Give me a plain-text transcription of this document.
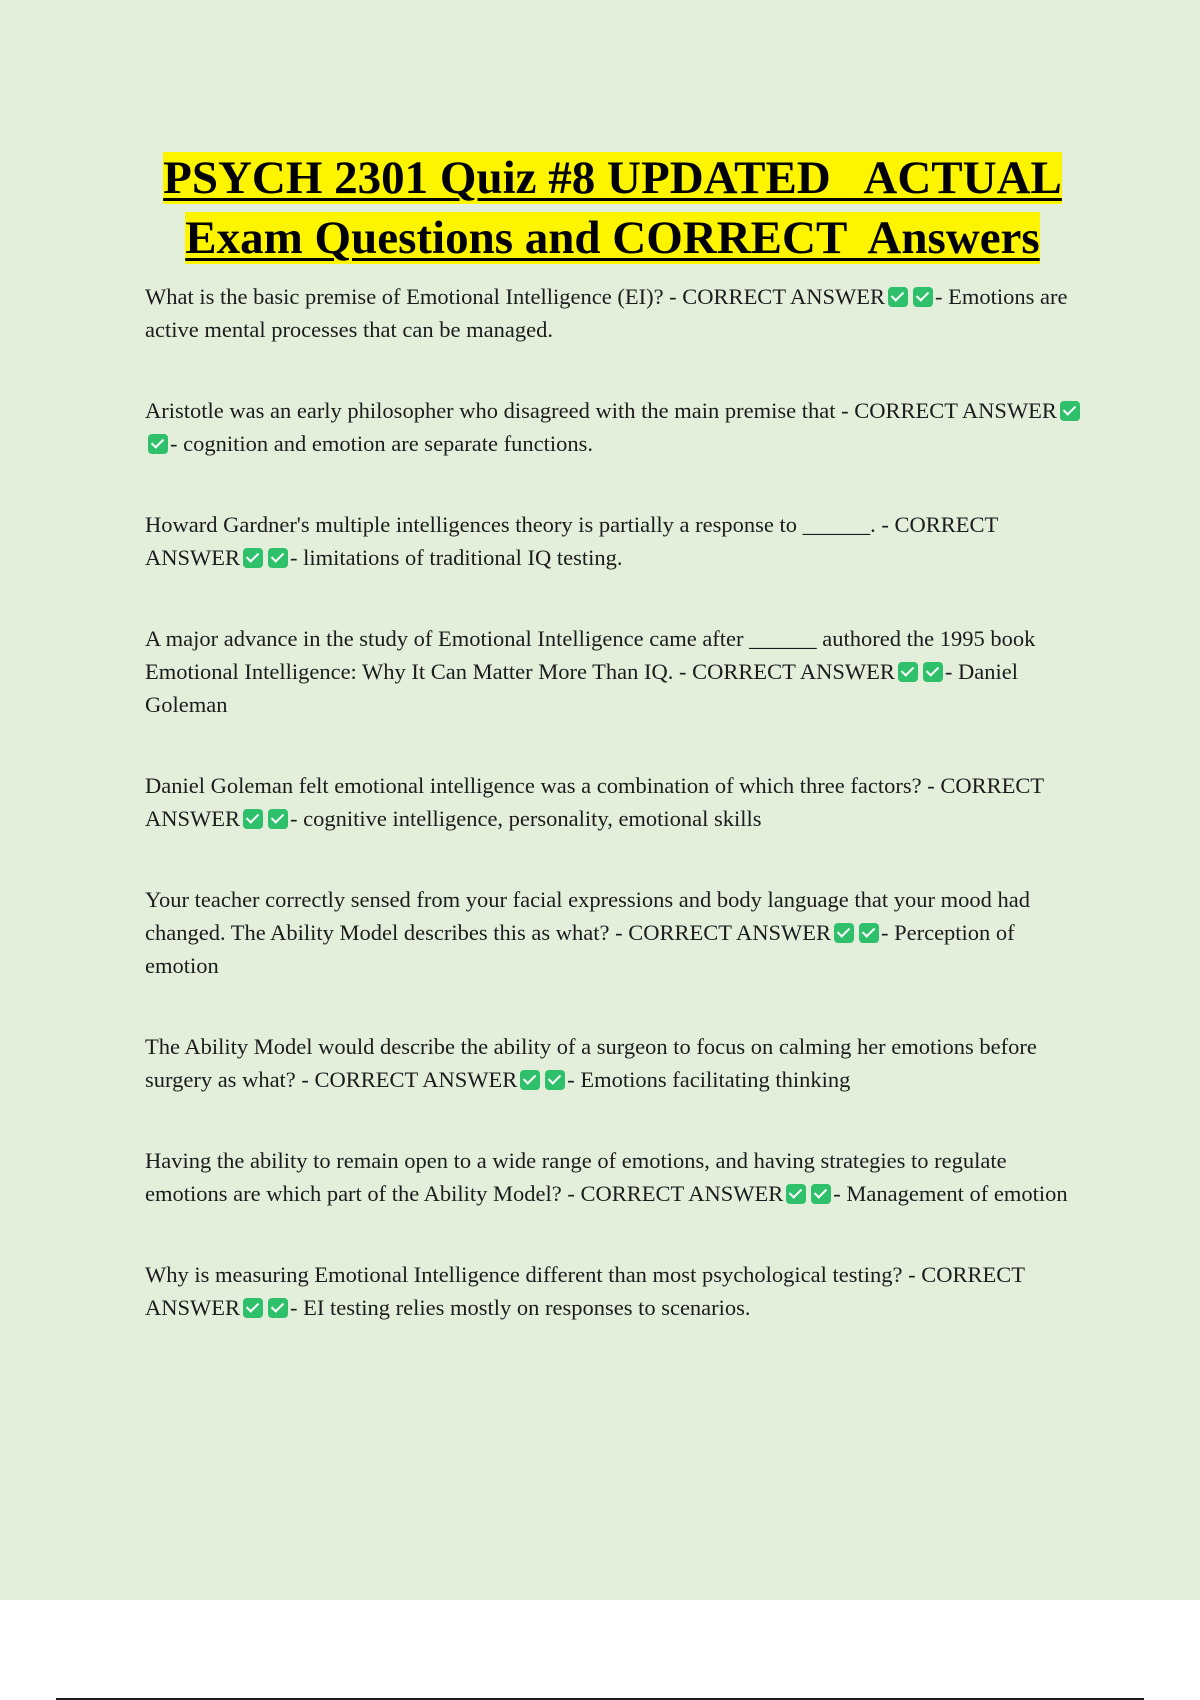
PSYCH 2301 Quiz #8 UPDATED   ACTUAL
Exam Questions and CORRECT  Answers

What is the basic premise of Emotional Intelligence (EI)? - CORRECT ANSWER - Emotions are active mental processes that can be managed.

Aristotle was an early philosopher who disagreed with the main premise that - CORRECT ANSWER- cognition and emotion are separate functions.

Howard Gardner's multiple intelligences theory is partially a response to ______. - CORRECT ANSWER - limitations of traditional IQ testing.

A major advance in the study of Emotional Intelligence came after ______ authored the 1995 book Emotional Intelligence: Why It Can Matter More Than IQ. - CORRECT ANSWER - Daniel Goleman

Daniel Goleman felt emotional intelligence was a combination of which three factors? - CORRECT ANSWER - cognitive intelligence, personality, emotional skills

Your teacher correctly sensed from your facial expressions and body language that your mood had changed. The Ability Model describes this as what? - CORRECT ANSWER - Perception of emotion

The Ability Model would describe the ability of a surgeon to focus on calming her emotions before surgery as what? - CORRECT ANSWER - Emotions facilitating thinking

Having the ability to remain open to a wide range of emotions, and having strategies to regulate emotions are which part of the Ability Model? - CORRECT ANSWER - Management of emotion

Why is measuring Emotional Intelligence different than most psychological testing? - CORRECT ANSWER - EI testing relies mostly on responses to scenarios.
